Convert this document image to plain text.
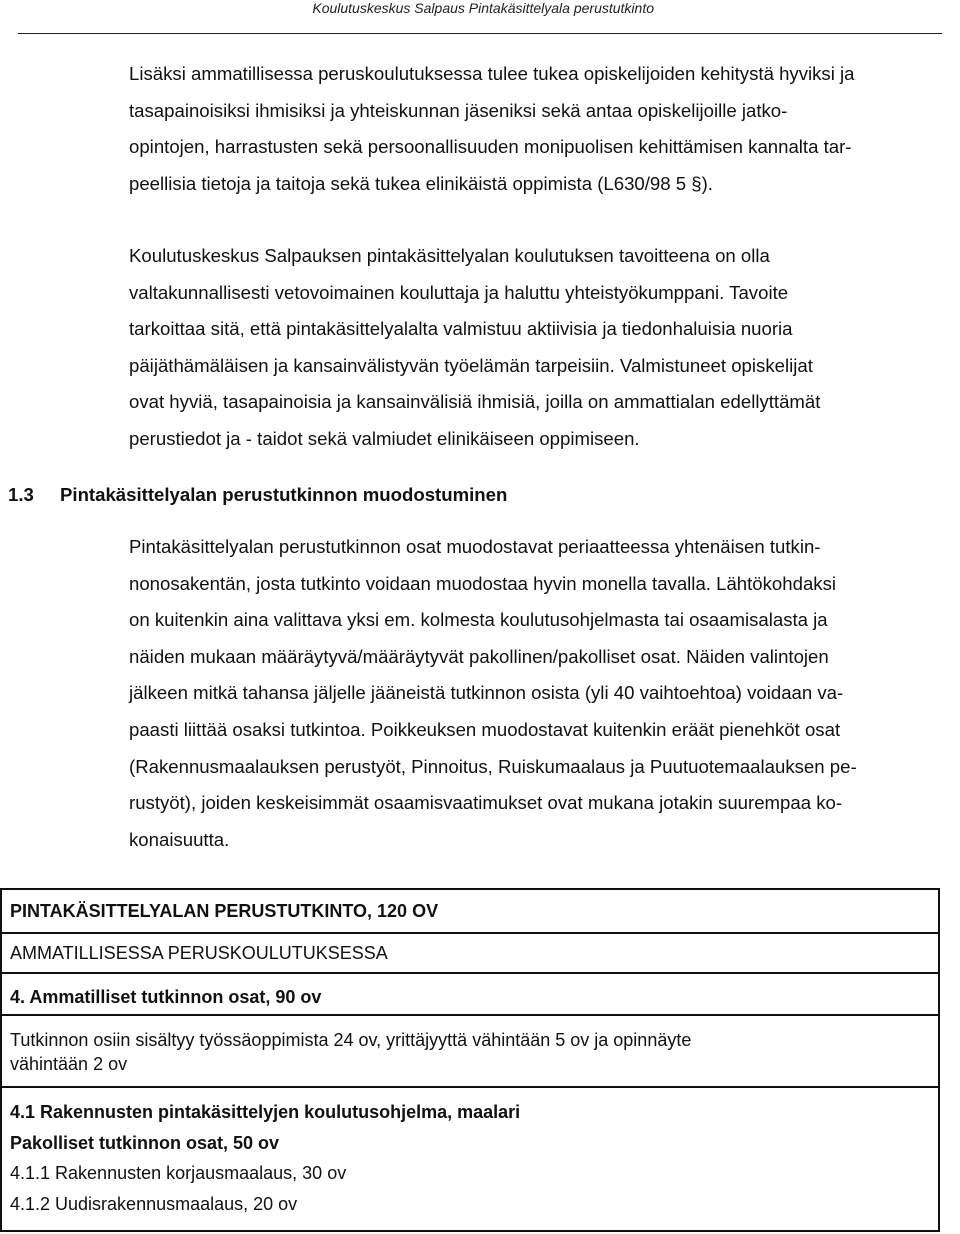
Koulutuskeskus Salpaus Pintakäsittelyala perustutkinto

Lisäksi ammatillisessa peruskoulutuksessa tulee tukea opiskelijoiden kehitystä hyviksi ja
tasapainoisiksi ihmisiksi ja yhteiskunnan jäseniksi sekä antaa opiskelijoille jatko-
opintojen, harrastusten sekä persoonallisuuden monipuolisen kehittämisen kannalta tar-
peellisia tietoja ja taitoja sekä tukea elinikäistä oppimista (L630/98 5 §).

Koulutuskeskus Salpauksen pintakäsittelyalan koulutuksen tavoitteena on olla
valtakunnallisesti vetovoimainen kouluttaja ja haluttu yhteistyökumppani. Tavoite
tarkoittaa sitä, että pintakäsittelyalalta valmistuu aktiivisia ja tiedonhaluisia nuoria
päijäthämäläisen ja kansainvälistyvän työelämän tarpeisiin. Valmistuneet opiskelijat
ovat hyviä, tasapainoisia ja kansainvälisiä ihmisiä, joilla on ammattialan edellyttämät
perustiedot ja - taidot sekä valmiudet elinikäiseen oppimiseen.

1.3 Pintakäsittelyalan perustutkinnon muodostuminen

Pintakäsittelyalan perustutkinnon osat muodostavat periaatteessa yhtenäisen tutkin-
nonosakentän, josta tutkinto voidaan muodostaa hyvin monella tavalla. Lähtökohdaksi
on kuitenkin aina valittava yksi em. kolmesta koulutusohjelmasta tai osaamisalasta ja
näiden mukaan määräytyvä/määräytyvät pakollinen/pakolliset osat. Näiden valintojen
jälkeen mitkä tahansa jäljelle jääneistä tutkinnon osista (yli 40 vaihtoehtoa) voidaan va-
paasti liittää osaksi tutkintoa. Poikkeuksen muodostavat kuitenkin eräät pienehköt osat
(Rakennusmaalauksen perustyöt, Pinnoitus, Ruiskumaalaus ja Puutuotemaalauksen pe-
rustyöt), joiden keskeisimmät osaamisvaatimukset ovat mukana jotakin suurempaa ko-
konaisuutta.

PINTAKÄSITTELYALAN PERUSTUTKINTO, 120 OV
AMMATILLISESSA PERUSKOULUTUKSESSA
4. Ammatilliset tutkinnon osat, 90 ov
Tutkinnon osiin sisältyy työssäoppimista 24 ov, yrittäjyyttä vähintään 5 ov ja opinnäyte
vähintään 2 ov
4.1 Rakennusten pintakäsittelyjen koulutusohjelma, maalari
Pakolliset tutkinnon osat, 50 ov
4.1.1 Rakennusten korjausmaalaus, 30 ov
4.1.2 Uudisrakennusmaalaus, 20 ov
